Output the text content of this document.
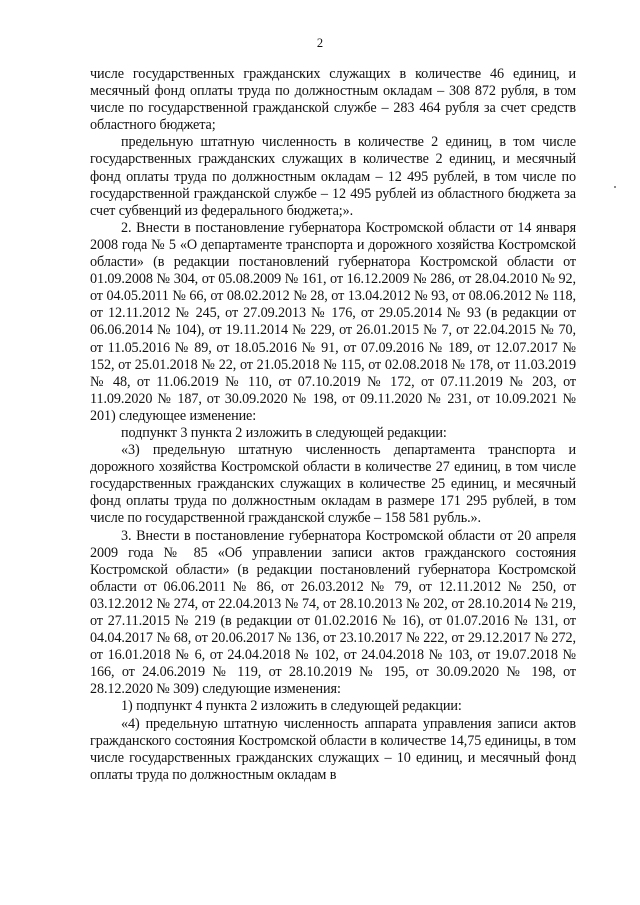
2

числе государственных гражданских служащих в количестве 46 единиц, и месячный фонд оплаты труда по должностным окладам – 308 872 рубля, в том числе по государственной гражданской службе – 283 464 рубля за счет средств областного бюджета;

предельную штатную численность в количестве 2 единиц, в том числе государственных гражданских служащих в количестве 2 единиц, и месячный фонд оплаты труда по должностным окладам – 12 495 рублей, в том числе по государственной гражданской службе – 12 495 рублей из областного бюджета за счет субвенций из федерального бюджета;».

2. Внести в постановление губернатора Костромской области от 14 января 2008 года № 5 «О департаменте транспорта и дорожного хозяйства Костромской области» (в редакции постановлений губернатора Костромской области от 01.09.2008 № 304, от 05.08.2009 № 161, от 16.12.2009 № 286, от 28.04.2010 № 92, от 04.05.2011 № 66, от 08.02.2012 № 28, от 13.04.2012 № 93, от 08.06.2012 № 118, от 12.11.2012 № 245, от 27.09.2013 № 176, от 29.05.2014 № 93 (в редакции от 06.06.2014 № 104), от 19.11.2014 № 229, от 26.01.2015 № 7, от 22.04.2015 № 70, от 11.05.2016 № 89, от 18.05.2016 № 91, от 07.09.2016 № 189, от 12.07.2017 № 152, от 25.01.2018 № 22, от 21.05.2018 № 115, от 02.08.2018 № 178, от 11.03.2019 № 48, от 11.06.2019 № 110, от 07.10.2019 № 172, от 07.11.2019 № 203, от 11.09.2020 № 187, от 30.09.2020 № 198, от 09.11.2020 № 231, от 10.09.2021 № 201) следующее изменение:

подпункт 3 пункта 2 изложить в следующей редакции:

«3) предельную штатную численность департамента транспорта и дорожного хозяйства Костромской области в количестве 27 единиц, в том числе государственных гражданских служащих в количестве 25 единиц, и месячный фонд оплаты труда по должностным окладам в размере 171 295 рублей, в том числе по государственной гражданской службе – 158 581 рубль.».

3. Внести в постановление губернатора Костромской области от 20 апреля 2009 года № 85 «Об управлении записи актов гражданского состояния Костромской области» (в редакции постановлений губернатора Костромской области от 06.06.2011 № 86, от 26.03.2012 № 79, от 12.11.2012 № 250, от 03.12.2012 № 274, от 22.04.2013 № 74, от 28.10.2013 № 202, от 28.10.2014 № 219, от 27.11.2015 № 219 (в редакции от 01.02.2016 № 16), от 01.07.2016 № 131, от 04.04.2017 № 68, от 20.06.2017 № 136, от 23.10.2017 № 222, от 29.12.2017 № 272, от 16.01.2018 № 6, от 24.04.2018 № 102, от 24.04.2018 № 103, от 19.07.2018 № 166, от 24.06.2019 № 119, от 28.10.2019 № 195, от 30.09.2020 № 198, от 28.12.2020 № 309) следующие изменения:

1) подпункт 4 пункта 2 изложить в следующей редакции:

«4) предельную штатную численность аппарата управления записи актов гражданского состояния Костромской области в количестве 14,75 единицы, в том числе государственных гражданских служащих – 10 единиц, и месячный фонд оплаты труда по должностным окладам в
